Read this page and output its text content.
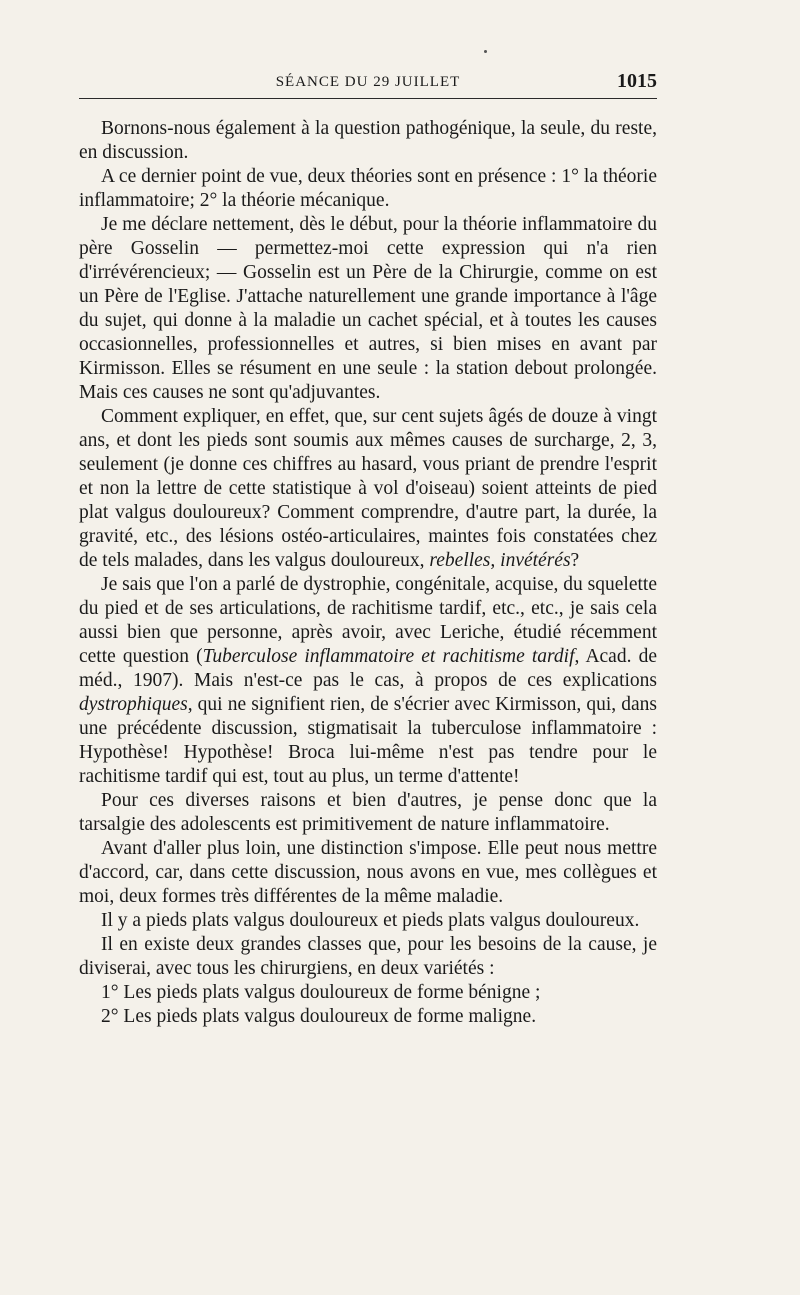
SÉANCE DU 29 JUILLET	1015

Bornons-nous également à la question pathogénique, la seule, du reste, en discussion.

A ce dernier point de vue, deux théories sont en présence : 1° la théorie inflammatoire; 2° la théorie mécanique.

Je me déclare nettement, dès le début, pour la théorie inflammatoire du père Gosselin — permettez-moi cette expression qui n'a rien d'irrévérencieux; — Gosselin est un Père de la Chirurgie, comme on est un Père de l'Eglise. J'attache naturellement une grande importance à l'âge du sujet, qui donne à la maladie un cachet spécial, et à toutes les causes occasionnelles, professionnelles et autres, si bien mises en avant par Kirmisson. Elles se résument en une seule : la station debout prolongée. Mais ces causes ne sont qu'adjuvantes.

Comment expliquer, en effet, que, sur cent sujets âgés de douze à vingt ans, et dont les pieds sont soumis aux mêmes causes de surcharge, 2, 3, seulement (je donne ces chiffres au hasard, vous priant de prendre l'esprit et non la lettre de cette statistique à vol d'oiseau) soient atteints de pied plat valgus douloureux? Comment comprendre, d'autre part, la durée, la gravité, etc., des lésions ostéo-articulaires, maintes fois constatées chez de tels malades, dans les valgus douloureux, rebelles, invétérés?

Je sais que l'on a parlé de dystrophie, congénitale, acquise, du squelette du pied et de ses articulations, de rachitisme tardif, etc., etc., je sais cela aussi bien que personne, après avoir, avec Leriche, étudié récemment cette question (Tuberculose inflammatoire et rachitisme tardif, Acad. de méd., 1907). Mais n'est-ce pas le cas, à propos de ces explications dystrophiques, qui ne signifient rien, de s'écrier avec Kirmisson, qui, dans une précédente discussion, stigmatisait la tuberculose inflammatoire : Hypothèse! Hypothèse! Broca lui-même n'est pas tendre pour le rachitisme tardif qui est, tout au plus, un terme d'attente!

Pour ces diverses raisons et bien d'autres, je pense donc que la tarsalgie des adolescents est primitivement de nature inflammatoire.

Avant d'aller plus loin, une distinction s'impose. Elle peut nous mettre d'accord, car, dans cette discussion, nous avons en vue, mes collègues et moi, deux formes très différentes de la même maladie.

Il y a pieds plats valgus douloureux et pieds plats valgus douloureux.

Il en existe deux grandes classes que, pour les besoins de la cause, je diviserai, avec tous les chirurgiens, en deux variétés :

1° Les pieds plats valgus douloureux de forme bénigne ;

2° Les pieds plats valgus douloureux de forme maligne.
